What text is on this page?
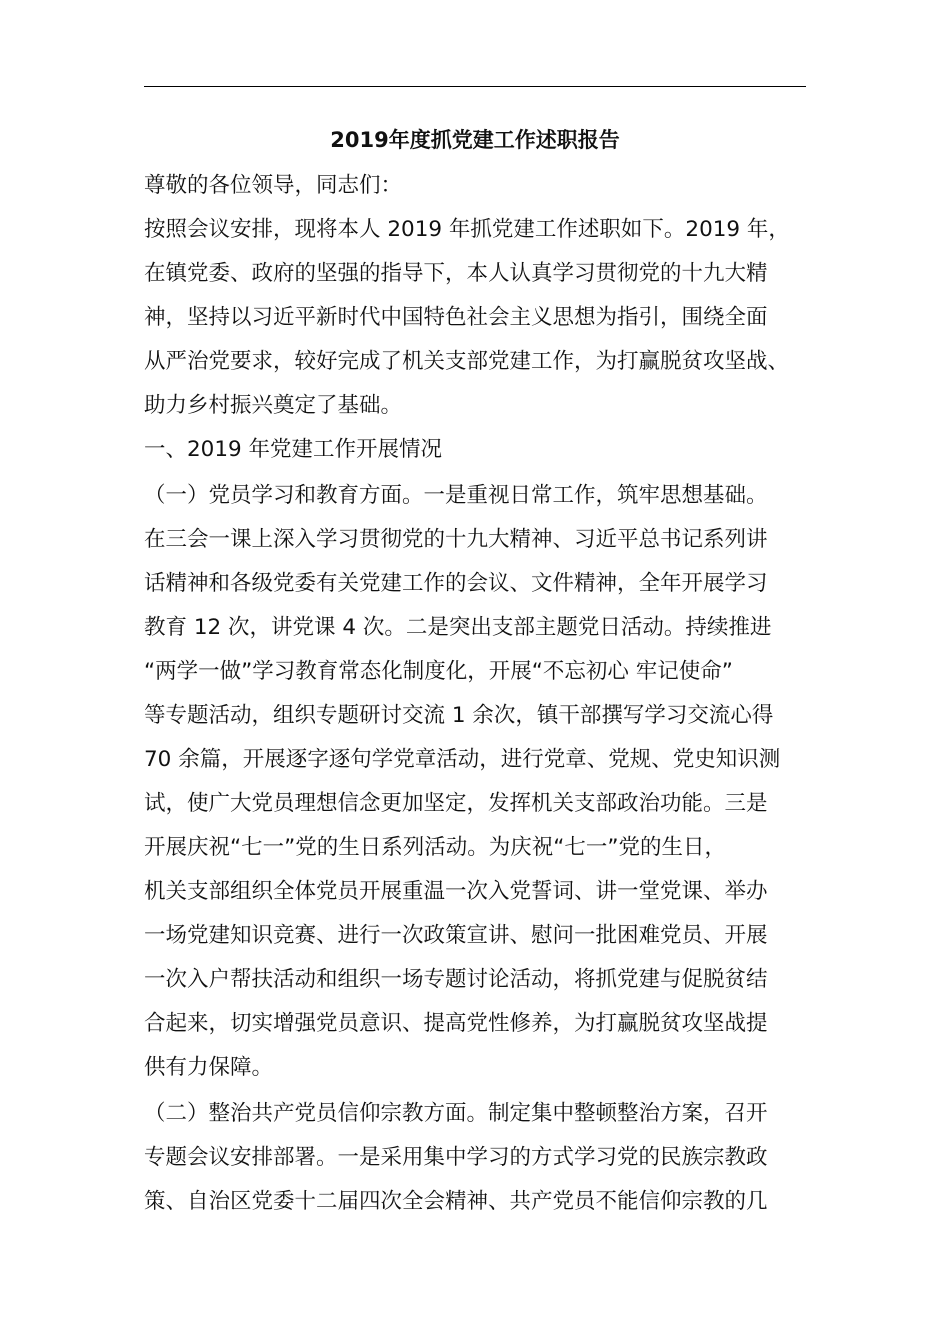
2019年度抓党建工作述职报告
尊敬的各位领导，同志们：
按照会议安排，现将本人 2019 年抓党建工作述职如下。2019 年，
在镇党委、政府的坚强的指导下，本人认真学习贯彻党的十九大精
神，坚持以习近平新时代中国特色社会主义思想为指引，围绕全面
从严治党要求，较好完成了机关支部党建工作，为打赢脱贫攻坚战、
助力乡村振兴奠定了基础。
一、2019 年党建工作开展情况
（一）党员学习和教育方面。一是重视日常工作，筑牢思想基础。
在三会一课上深入学习贯彻党的十九大精神、习近平总书记系列讲
话精神和各级党委有关党建工作的会议、文件精神，全年开展学习
教育 12 次，讲党课 4 次。二是突出支部主题党日活动。持续推进
“两学一做”学习教育常态化制度化，开展“不忘初心 牢记使命”
等专题活动，组织专题研讨交流 1 余次，镇干部撰写学习交流心得
70 余篇，开展逐字逐句学党章活动，进行党章、党规、党史知识测
试，使广大党员理想信念更加坚定，发挥机关支部政治功能。三是
开展庆祝“七一”党的生日系列活动。为庆祝“七一”党的生日，
机关支部组织全体党员开展重温一次入党誓词、讲一堂党课、举办
一场党建知识竞赛、进行一次政策宣讲、慰问一批困难党员、开展
一次入户帮扶活动和组织一场专题讨论活动，将抓党建与促脱贫结
合起来，切实增强党员意识、提高党性修养，为打赢脱贫攻坚战提
供有力保障。
（二）整治共产党员信仰宗教方面。制定集中整顿整治方案，召开
专题会议安排部署。一是采用集中学习的方式学习党的民族宗教政
策、自治区党委十二届四次全会精神、共产党员不能信仰宗教的几
